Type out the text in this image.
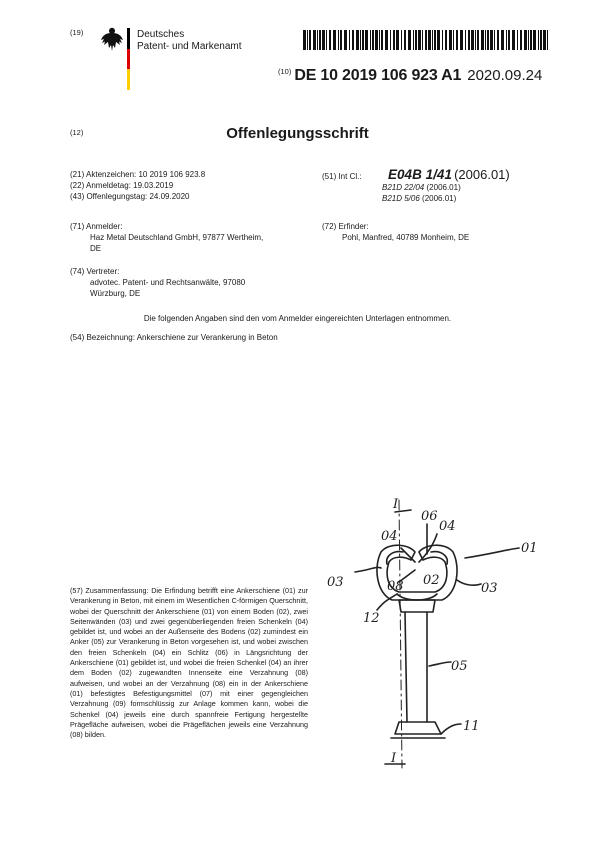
(19)	Deutsches
Patent- und Markenamt
$^{(10)}$ DE 10 2019 106 923 A1 2020.09.24
(12)	Offenlegungsschrift
(21) Aktenzeichen: 10 2019 106 923.8
(22) Anmeldetag: 19.03.2019
(43) Offenlegungstag: 24.09.2020
(51) Int Cl.: E04B 1/41 (2006.01)
B21D 22/04 (2006.01)
B21D 5/06 (2006.01)
(71) Anmelder:
Haz Metal Deutschland GmbH, 97877 Wertheim,
DE
(72) Erfinder:
Pohl, Manfred, 40789 Monheim, DE
(74) Vertreter:
advotec. Patent- und Rechtsanwälte, 97080
Würzburg, DE
Die folgenden Angaben sind den vom Anmelder eingereichten Unterlagen entnommen.
(54) Bezeichnung: Ankerschiene zur Verankerung in Beton
(57) Zusammenfassung: Die Erfindung betrifft eine Ankerschiene (01) zur Verankerung in Beton, mit einem im Wesentlichen C-förmigen Querschnitt, wobei der Querschnitt der Ankerschiene (01) von einem Boden (02), zwei Seitenwänden (03) und zwei gegenüberliegenden freien Schenkeln (04) gebildet ist, und wobei an der Außenseite des Bodens (02) zumindest ein Anker (05) zur Verankerung in Beton vorgesehen ist, und wobei zwischen den freien Schenkeln (04) ein Schlitz (06) in Längsrichtung der Ankerschiene (01) gebildet ist, und wobei die freien Schenkel (04) an ihrer dem Boden (02) zugewandten Innenseite eine Verzahnung (08) aufweisen, und wobei an der Verzahnung (08) ein in der Ankerschiene (01) befestigtes Befestigungsmittel (07) mit einer gegengleichen Verzahnung (09) formschlüssig zur Anlage kommen kann, wobei die Schenkel (04) jeweils eine durch spannfreie Fertigung hergestellte Prägefläche aufweisen, wobei die Prägeflächen jeweils eine Verzahnung (08) bilden.
I
04
06
04
01
03	08 02
03
12
05
11
I
